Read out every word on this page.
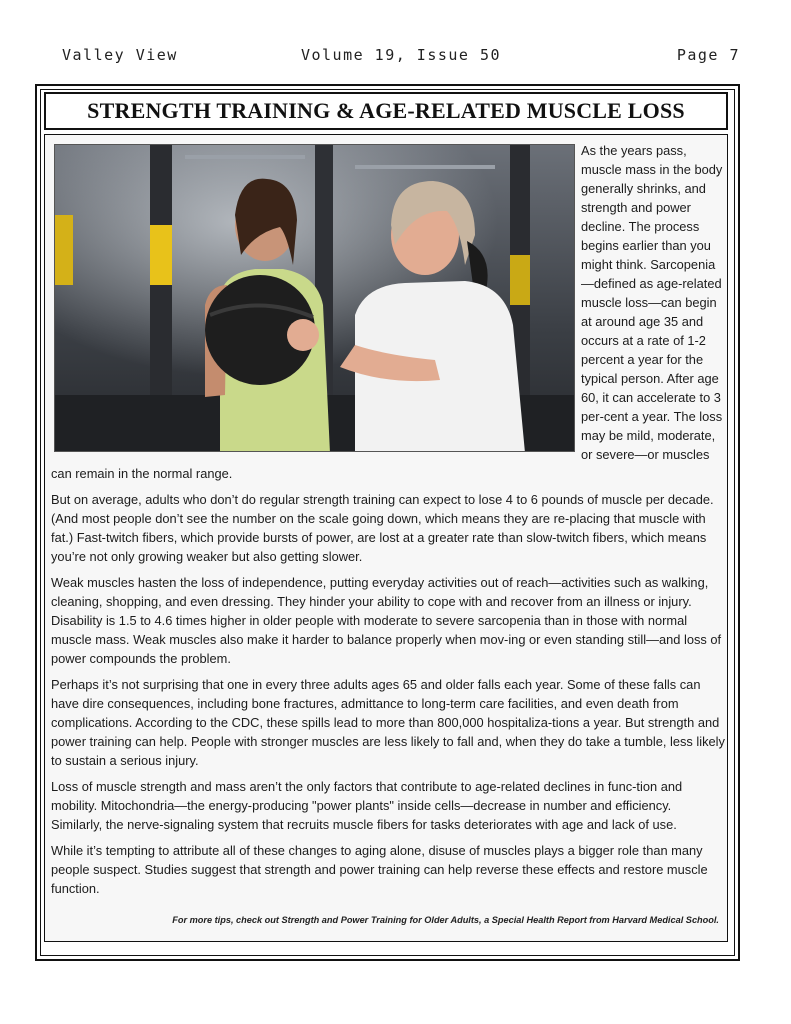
Valley View	Volume 19, Issue 50	Page 7
STRENGTH TRAINING & AGE-RELATED MUSCLE LOSS

As the years pass, muscle mass in the body generally shrinks, and strength and power decline. The process begins earlier than you might think. Sarcopenia—defined as age-related muscle loss—can begin at around age 35 and occurs at a rate of 1-2 percent a year for the typical person. After age 60, it can accelerate to 3 per-cent a year. The loss may be mild, moderate, or severe—or muscles can remain in the normal range.

But on average, adults who don’t do regular strength training can expect to lose 4 to 6 pounds of muscle per decade. (And most people don’t see the number on the scale going down, which means they are re-placing that muscle with fat.) Fast-twitch fibers, which provide bursts of power, are lost at a greater rate than slow-twitch fibers, which means you’re not only growing weaker but also getting slower.

Weak muscles hasten the loss of independence, putting everyday activities out of reach—activities such as walking, cleaning, shopping, and even dressing. They hinder your ability to cope with and recover from an illness or injury. Disability is 1.5 to 4.6 times higher in older people with moderate to severe sarcopenia than in those with normal muscle mass. Weak muscles also make it harder to balance properly when mov-ing or even standing still—and loss of power compounds the problem.

Perhaps it’s not surprising that one in every three adults ages 65 and older falls each year. Some of these falls can have dire consequences, including bone fractures, admittance to long-term care facilities, and even death from complications. According to the CDC, these spills lead to more than 800,000 hospitaliza-tions a year. But strength and power training can help. People with stronger muscles are less likely to fall and, when they do take a tumble, less likely to sustain a serious injury.

Loss of muscle strength and mass aren’t the only factors that contribute to age-related declines in func-tion and mobility. Mitochondria—the energy-producing "power plants" inside cells—decrease in number and efficiency. Similarly, the nerve-signaling system that recruits muscle fibers for tasks deteriorates with age and lack of use.

While it’s tempting to attribute all of these changes to aging alone, disuse of muscles plays a bigger role than many people suspect. Studies suggest that strength and power training can help reverse these effects and restore muscle function.

For more tips, check out Strength and Power Training for Older Adults, a Special Health Report from Harvard Medical School.
